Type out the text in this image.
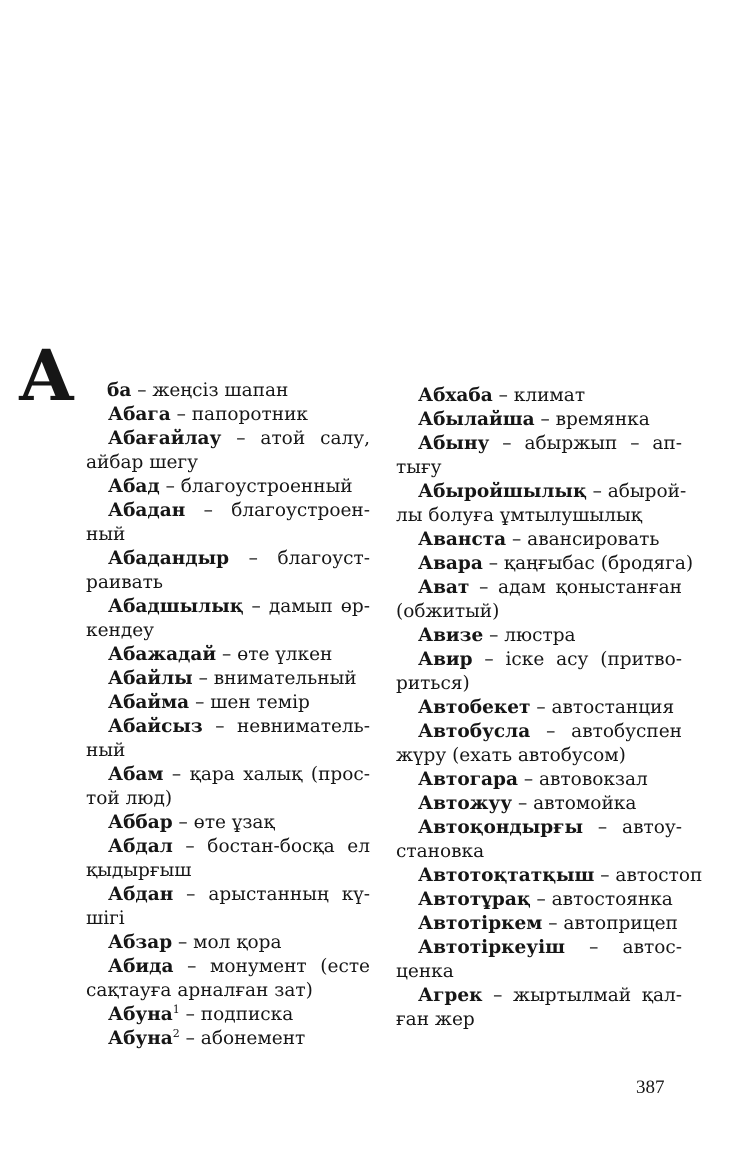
А	ба – жеңсіз шапан
Абага – папоротник
Абағайлау – атой салу,
айбар шегу
Абад – благоустроенный
Абадан – благоустроен-
ный
Абадандыр – благоуст-
раивать
Абадшылық – дамып өр-
кендеу
Абажадай – өте үлкен
Абайлы – внимательный
Абайма – шен темір
Абайсыз – невниматель-
ный
Абам – қара халық (прос-
той люд)
Аббар – өте ұзақ
Абдал – бостан-босқа ел
қыдырғыш
Абдан – арыстанның кү-
шігі
Абзар – мол қора
Абида – монумент (есте
сақтауға арналған зат)
Абуна$^1$ – подписка
Абуна$^2$ – абонемент
Абхаба – климат
Абылайша – времянка
Абыну – абыржып – ап-
тығу
Абыройшылық – абырой-
лы болуға ұмтылушылық
Аванста – авансировать
Авара – қаңғыбас (бродяга)
Ават – адам қоныстанған
(обжитый)
Авизе – люстра
Авир – іске асу (притво-
риться)
Автобекет – автостанция
Автобусла – автобуспен
жүру (ехать автобусом)
Автогара – автовокзал
Автожуу – автомойка
Автоқондырғы – автоу-
становка
Автотоқтатқыш – автостоп
Автотұрақ – автостоянка
Автотіркем – автоприцеп
Автотіркеуіш – автос-
ценка
Агрек – жыртылмай қал-
ған жер
387
